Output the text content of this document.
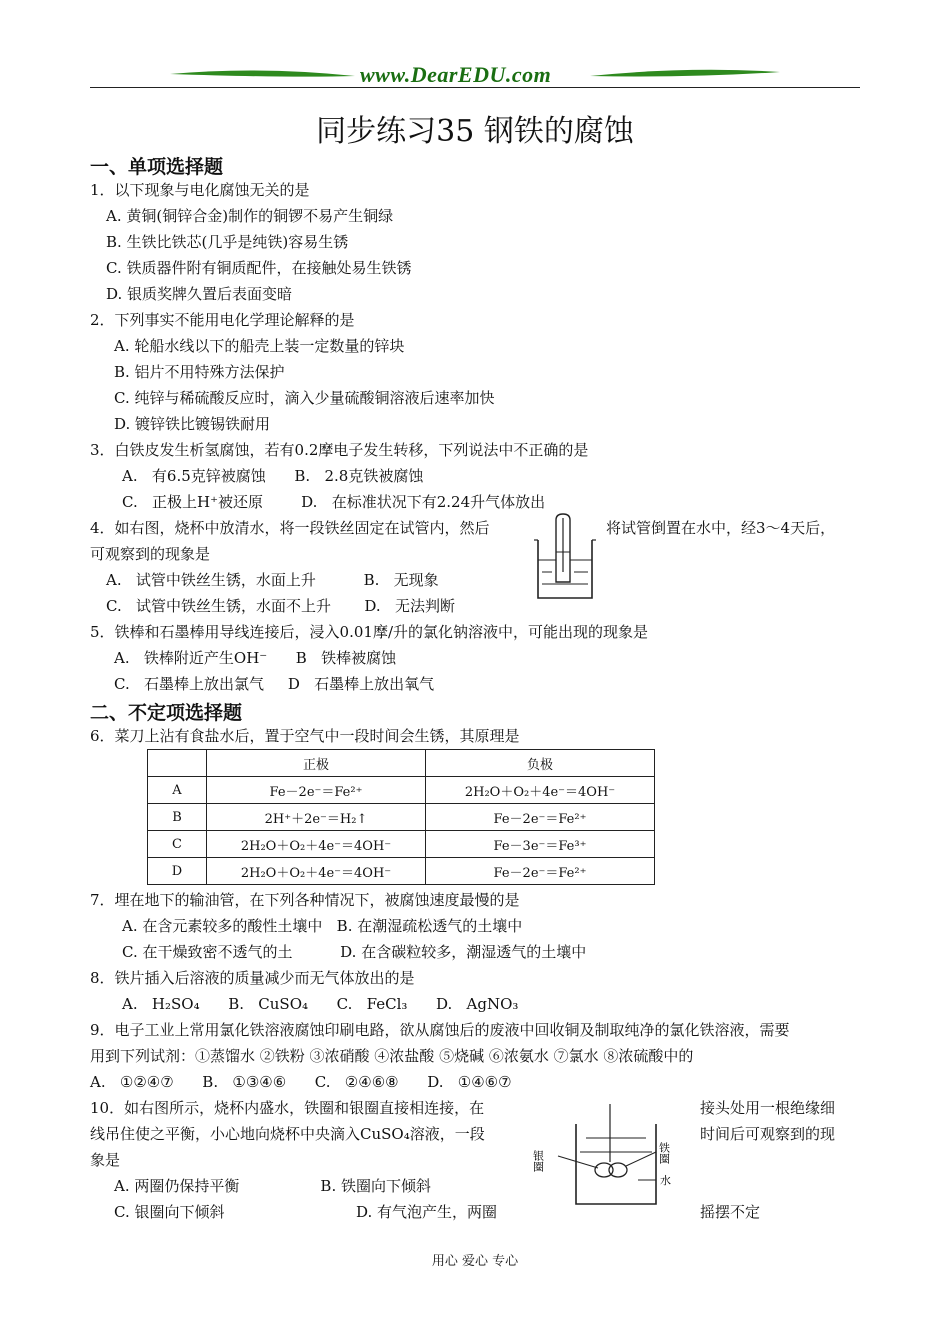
www.DearEDU.com
同步练习35 钢铁的腐蚀
一、单项选择题
1．以下现象与电化腐蚀无关的是
A. 黄铜(铜锌合金)制作的铜锣不易产生铜绿
B. 生铁比铁芯(几乎是纯铁)容易生锈
C. 铁质器件附有铜质配件，在接触处易生铁锈
D. 银质奖牌久置后表面变暗
2．下列事实不能用电化学理论解释的是
A. 轮船水线以下的船壳上装一定数量的锌块
B. 铝片不用特殊方法保护
C. 纯锌与稀硫酸反应时，滴入少量硫酸铜溶液后速率加快
D. 镀锌铁比镀锡铁耐用
3．白铁皮发生析氢腐蚀，若有0.2摩电子发生转移，下列说法中不正确的是
A.   有6.5克锌被腐蚀      B.   2.8克铁被腐蚀
C.   正极上H⁺被还原        D.   在标准状况下有2.24升气体放出
4．如右图，烧杯中放清水，将一段铁丝固定在试管内，然后	将试管倒置在水中，经3～4天后，
可观察到的现象是
A.   试管中铁丝生锈，水面上升          B.   无现象
C.   试管中铁丝生锈，水面不上升       D.   无法判断
5．铁棒和石墨棒用导线连接后，浸入0.01摩/升的氯化钠溶液中，可能出现的现象是
A.   铁棒附近产生OH⁻      B   铁棒被腐蚀
C.   石墨棒上放出氯气     D   石墨棒上放出氧气
二、不定项选择题
6．菜刀上沾有食盐水后，置于空气中一段时间会生锈，其原理是
	正极	负极
A	Fe－2e⁻＝Fe²⁺	2H₂O＋O₂＋4e⁻＝4OH⁻
B	2H⁺＋2e⁻＝H₂↑	Fe－2e⁻＝Fe²⁺
C	2H₂O＋O₂＋4e⁻＝4OH⁻	Fe－3e⁻＝Fe³⁺
D	2H₂O＋O₂＋4e⁻＝4OH⁻	Fe－2e⁻＝Fe²⁺
7．埋在地下的输油管，在下列各种情况下，被腐蚀速度最慢的是
A. 在含元素较多的酸性土壤中   B. 在潮湿疏松透气的土壤中
C. 在干燥致密不透气的土          D. 在含碳粒较多，潮湿透气的土壤中
8．铁片插入后溶液的质量减少而无气体放出的是
A.   H₂SO₄      B.   CuSO₄      C.   FeCl₃      D.   AgNO₃
9．电子工业上常用氯化铁溶液腐蚀印刷电路，欲从腐蚀后的废液中回收铜及制取纯净的氯化铁溶液，需要
用到下列试剂：①蒸馏水 ②铁粉 ③浓硝酸 ④浓盐酸 ⑤烧碱 ⑥浓氨水 ⑦氯水 ⑧浓硫酸中的
A.   ①②④⑦      B.   ①③④⑥      C.   ②④⑥⑧      D.   ①④⑥⑦
10．如右图所示，烧杯内盛水，铁圈和银圈直接相连接，在	接头处用一根绝缘细
线吊住使之平衡，小心地向烧杯中央滴入CuSO₄溶液，一段	时间后可观察到的现
象是
A. 两圈仍保持平衡                 B. 铁圈向下倾斜
C. 银圈向下倾斜	D. 有气泡产生，两圈	摇摆不定
银圈	铁圈
水
用心 爱心 专心
